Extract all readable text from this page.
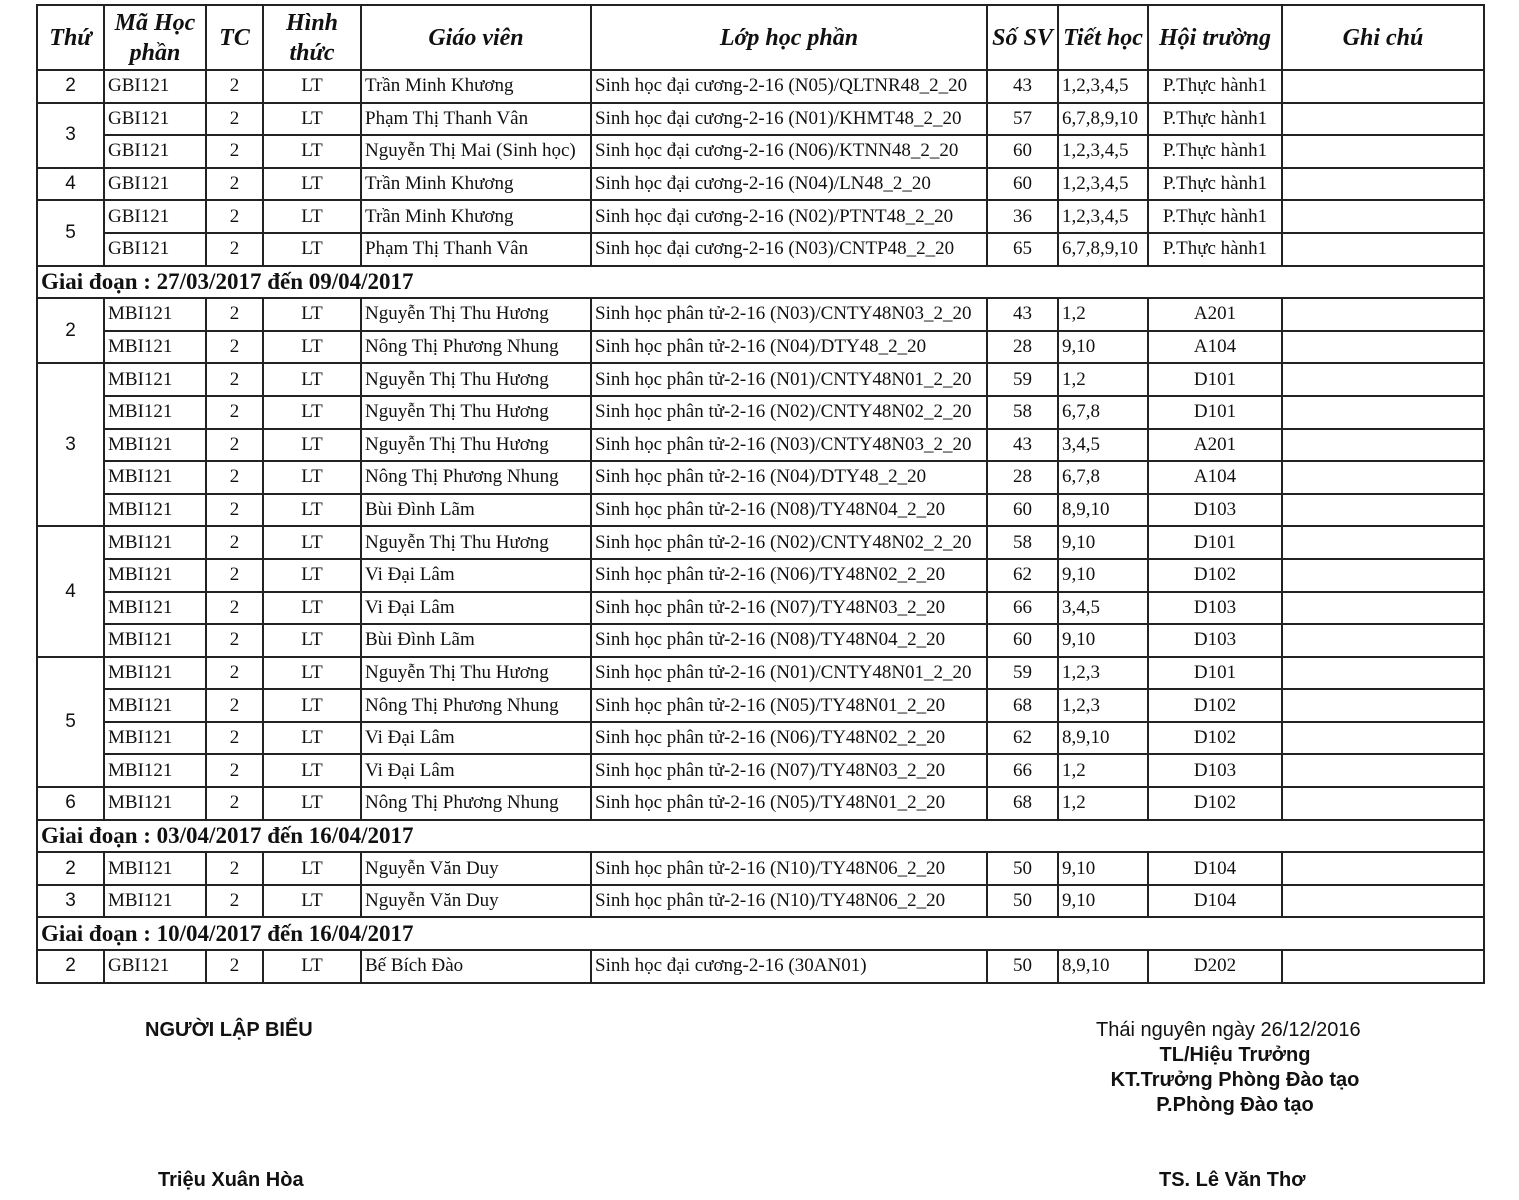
Thứ	Mã Học phần	TC	Hình thức	Giáo viên	Lớp học phần	Số SV	Tiết học	Hội trường	Ghi chú
2	GBI121	2	LT	Trần Minh Khương	Sinh học đại cương-2-16 (N05)/QLTNR48_2_20	43	1,2,3,4,5	P.Thực hành1	
3	GBI121	2	LT	Phạm Thị Thanh Vân	Sinh học đại cương-2-16 (N01)/KHMT48_2_20	57	6,7,8,9,10	P.Thực hành1	
	GBI121	2	LT	Nguyễn Thị Mai (Sinh học)	Sinh học đại cương-2-16 (N06)/KTNN48_2_20	60	1,2,3,4,5	P.Thực hành1	
4	GBI121	2	LT	Trần Minh Khương	Sinh học đại cương-2-16 (N04)/LN48_2_20	60	1,2,3,4,5	P.Thực hành1	
5	GBI121	2	LT	Trần Minh Khương	Sinh học đại cương-2-16 (N02)/PTNT48_2_20	36	1,2,3,4,5	P.Thực hành1	
	GBI121	2	LT	Phạm Thị Thanh Vân	Sinh học đại cương-2-16 (N03)/CNTP48_2_20	65	6,7,8,9,10	P.Thực hành1	
Giai đoạn : 27/03/2017 đến 09/04/2017									
2	MBI121	2	LT	Nguyễn Thị Thu Hương	Sinh học phân tử-2-16 (N03)/CNTY48N03_2_20	43	1,2	A201	
	MBI121	2	LT	Nông Thị Phương Nhung	Sinh học phân tử-2-16 (N04)/DTY48_2_20	28	9,10	A104	
3	MBI121	2	LT	Nguyễn Thị Thu Hương	Sinh học phân tử-2-16 (N01)/CNTY48N01_2_20	59	1,2	D101	
	MBI121	2	LT	Nguyễn Thị Thu Hương	Sinh học phân tử-2-16 (N02)/CNTY48N02_2_20	58	6,7,8	D101	
	MBI121	2	LT	Nguyễn Thị Thu Hương	Sinh học phân tử-2-16 (N03)/CNTY48N03_2_20	43	3,4,5	A201	
	MBI121	2	LT	Nông Thị Phương Nhung	Sinh học phân tử-2-16 (N04)/DTY48_2_20	28	6,7,8	A104	
	MBI121	2	LT	Bùi Đình Lãm	Sinh học phân tử-2-16 (N08)/TY48N04_2_20	60	8,9,10	D103	
4	MBI121	2	LT	Nguyễn Thị Thu Hương	Sinh học phân tử-2-16 (N02)/CNTY48N02_2_20	58	9,10	D101	
	MBI121	2	LT	Vi Đại Lâm	Sinh học phân tử-2-16 (N06)/TY48N02_2_20	62	9,10	D102	
	MBI121	2	LT	Vi Đại Lâm	Sinh học phân tử-2-16 (N07)/TY48N03_2_20	66	3,4,5	D103	
	MBI121	2	LT	Bùi Đình Lãm	Sinh học phân tử-2-16 (N08)/TY48N04_2_20	60	9,10	D103	
5	MBI121	2	LT	Nguyễn Thị Thu Hương	Sinh học phân tử-2-16 (N01)/CNTY48N01_2_20	59	1,2,3	D101	
	MBI121	2	LT	Nông Thị Phương Nhung	Sinh học phân tử-2-16 (N05)/TY48N01_2_20	68	1,2,3	D102	
	MBI121	2	LT	Vi Đại Lâm	Sinh học phân tử-2-16 (N06)/TY48N02_2_20	62	8,9,10	D102	
	MBI121	2	LT	Vi Đại Lâm	Sinh học phân tử-2-16 (N07)/TY48N03_2_20	66	1,2	D103	
6	MBI121	2	LT	Nông Thị Phương Nhung	Sinh học phân tử-2-16 (N05)/TY48N01_2_20	68	1,2	D102	
Giai đoạn : 03/04/2017 đến 16/04/2017									
2	MBI121	2	LT	Nguyễn Văn Duy	Sinh học phân tử-2-16 (N10)/TY48N06_2_20	50	9,10	D104	
3	MBI121	2	LT	Nguyễn Văn Duy	Sinh học phân tử-2-16 (N10)/TY48N06_2_20	50	9,10	D104	
Giai đoạn : 10/04/2017 đến 16/04/2017									
2	GBI121	2	LT	Bế Bích Đào	Sinh học đại cương-2-16 (30AN01)	50	8,9,10	D202	
NGƯỜI LẬP BIỂU	Thái nguyên ngày 26/12/2016
TL/Hiệu Trưởng
KT.Trưởng Phòng Đào tạo
P.Phòng Đào tạo
Triệu Xuân Hòa	TS. Lê Văn Thơ
